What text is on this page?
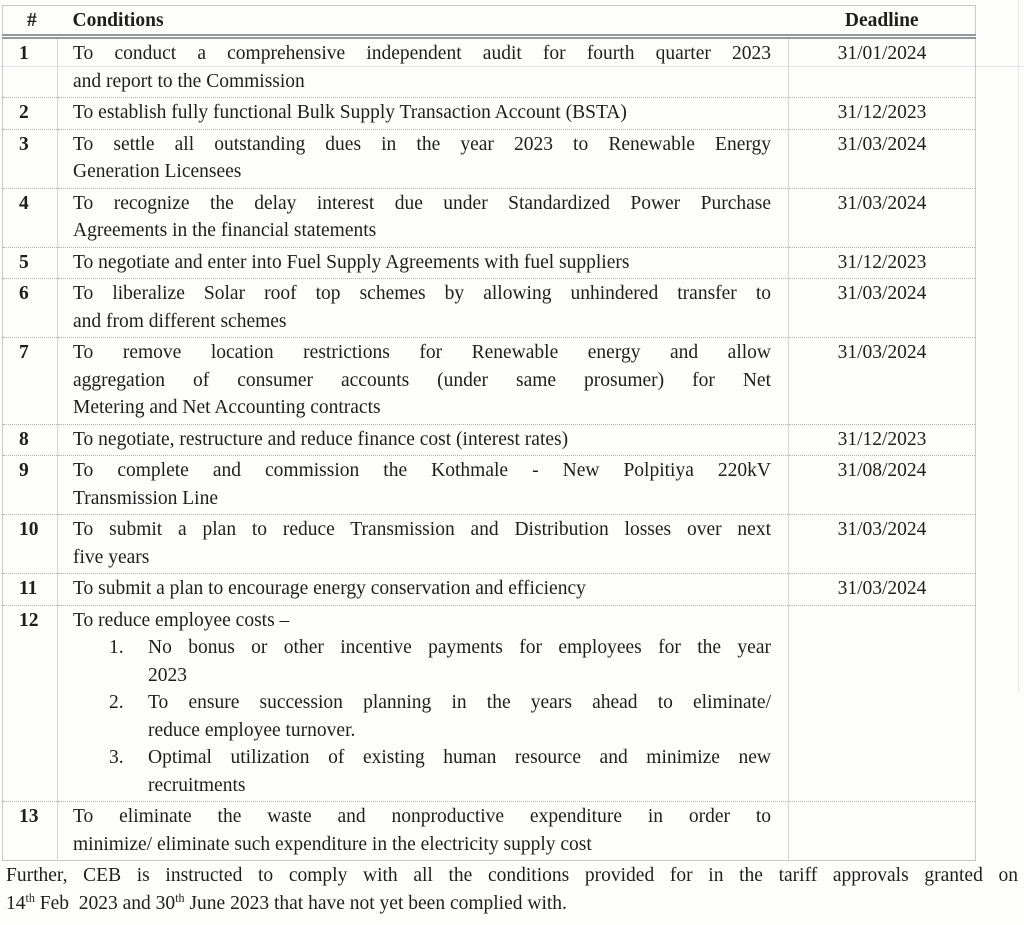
#	Conditions	Deadline
1	To conduct a comprehensive independent audit for fourth quarter 2023
and report to the Commission	31/01/2024
2	To establish fully functional Bulk Supply Transaction Account (BSTA)	31/12/2023
3	To settle all outstanding dues in the year 2023 to Renewable Energy
Generation Licensees	31/03/2024
4	To recognize the delay interest due under Standardized Power Purchase
Agreements in the financial statements	31/03/2024
5	To negotiate and enter into Fuel Supply Agreements with fuel suppliers	31/12/2023
6	To liberalize Solar roof top schemes by allowing unhindered transfer to
and from different schemes	31/03/2024
7	To remove location restrictions for Renewable energy and allow
aggregation of consumer accounts (under same prosumer) for Net
Metering and Net Accounting contracts	31/03/2024
8	To negotiate, restructure and reduce finance cost (interest rates)	31/12/2023
9	To complete and commission the Kothmale - New Polpitiya 220kV
Transmission Line	31/08/2024
10	To submit a plan to reduce Transmission and Distribution losses over next
five years	31/03/2024
11	To submit a plan to encourage energy conservation and efficiency	31/03/2024
12	To reduce employee costs –
1.	No bonus or other incentive payments for employees for the year
2023
2.	To ensure succession planning in the years ahead to eliminate/
reduce employee turnover.
3.	Optimal utilization of existing human resource and minimize new
recruitments

13	To eliminate the waste and nonproductive expenditure in order to
minimize/ eliminate such expenditure in the electricity supply cost	

Further, CEB is instructed to comply with all the conditions provided for in the tariff approvals granted on
14th Feb  2023 and 30th June 2023 that have not yet been complied with.
